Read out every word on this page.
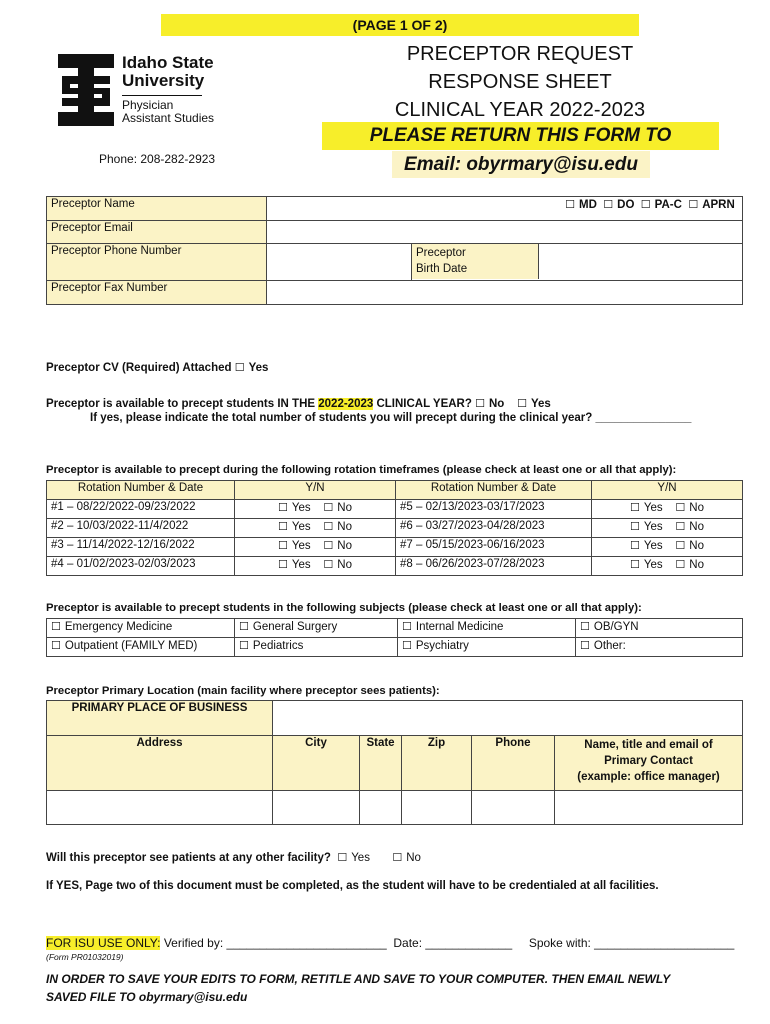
(PAGE 1 OF 2)
Idaho State
University
Physician
Assistant Studies
Phone: 208-282-2923
PRECEPTOR REQUEST
RESPONSE SHEET
CLINICAL YEAR 2022-2023
PLEASE RETURN THIS FORM TO
Email: obyrmary@isu.edu
Preceptor Name	☐ MD ☐ DO ☐ PA-C ☐ APRN
Preceptor Email		
Preceptor Phone Number		Preceptor
Birth Date

Preceptor Fax Number		
Preceptor CV (Required) Attached ☐ Yes
Preceptor is available to precept students IN THE 2022-2023 CLINICAL YEAR? ☐ No ☐ Yes
If yes, please indicate the total number of students you will precept during the clinical year? _______________
Preceptor is available to precept during the following rotation timeframes (please check at least one or all that apply):
Rotation Number & Date	Y/N	Rotation Number & Date	Y/N
#1 – 08/22/2022-09/23/2022	☐ Yes ☐ No	#5 – 02/13/2023-03/17/2023	☐ Yes ☐ No
#2 – 10/03/2022-11/4/2022	☐ Yes ☐ No	#6 – 03/27/2023-04/28/2023	☐ Yes ☐ No
#3 – 11/14/2022-12/16/2022	☐ Yes ☐ No	#7 – 05/15/2023-06/16/2023	☐ Yes ☐ No
#4 – 01/02/2023-02/03/2023	☐ Yes ☐ No	#8 – 06/26/2023-07/28/2023	☐ Yes ☐ No
Preceptor is available to precept students in the following subjects (please check at least one or all that apply):
☐ Emergency Medicine	☐ General Surgery	☐ Internal Medicine	☐ OB/GYN
☐ Outpatient (FAMILY MED)	☐ Pediatrics	☐ Psychiatry	☐ Other:
Preceptor Primary Location (main facility where preceptor sees patients):
PRIMARY PLACE OF BUSINESS					
Address	City	State	Zip	Phone	Name, title and email of
Primary Contact
(example: office manager)

Will this preceptor see patients at any other facility? ☐ Yes	☐ No
If YES, Page two of this document must be completed, as the student will have to be credentialed at all facilities.
FOR ISU USE ONLY: Verified by: ________________________ Date: _____________ Spoke with: _____________________
(Form PR01032019)
IN ORDER TO SAVE YOUR EDITS TO FORM, RETITLE AND SAVE TO YOUR COMPUTER. THEN EMAIL NEWLY
SAVED FILE TO obyrmary@isu.edu
